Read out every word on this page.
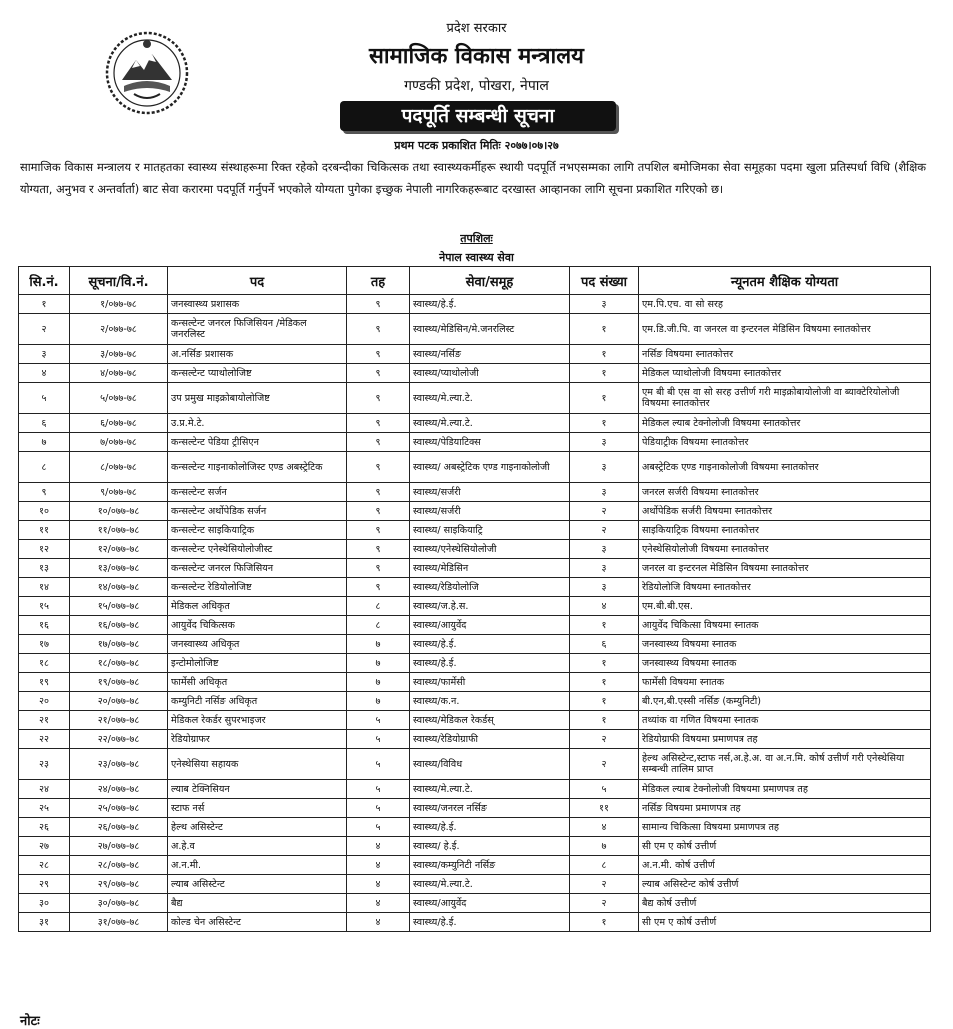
प्रदेश सरकार
सामाजिक विकास मन्त्रालय
गण्डकी प्रदेश, पोखरा, नेपाल
पदपूर्ति सम्बन्धी सूचना
प्रथम पटक प्रकाशित मितिः २०७७।०७।२७
सामाजिक विकास मन्त्रालय र मातहतका स्वास्थ्य संस्थाहरूमा रिक्त रहेको दरबन्दीका चिकित्सक तथा स्वास्थ्यकर्मीहरू स्थायी पदपूर्ति नभएसम्मका लागि तपशिल बमोजिमका सेवा समूहका पदमा खुला प्रतिस्पर्धा विधि (शैक्षिक योग्यता, अनुभव र अन्तर्वार्ता) बाट सेवा करारमा पदपूर्ति गर्नुपर्ने भएकोले योग्यता पुगेका इच्छुक नेपाली नागरिकहरूबाट दरखास्त आव्हानका लागि सूचना प्रकाशित गरिएको छ।
तपशिलः
नेपाल स्वास्थ्य सेवा
सि.नं.	सूचना/वि.नं.	पद	तह	सेवा/समूह	पद संख्या	न्यूनतम शैक्षिक योग्यता
१	१/०७७-७८	जनस्वास्थ्य प्रशासक	९	स्वास्थ्य/हे.ई.	३	एम.पि.एच. वा सो सरह
२	२/०७७-७८	कन्सल्टेन्ट जनरल फिजिसियन /मेडिकल जनरलिस्ट	९	स्वास्थ्य/मेडिसिन/मे.जनरलिस्ट	१	एम.डि.जी.पि. वा जनरल वा इन्टरनल मेडिसिन विषयमा स्नातकोत्तर
३	३/०७७-७८	अ.नर्सिङ प्रशासक	९	स्वास्थ्य/नर्सिङ	१	नर्सिङ विषयमा स्नातकोत्तर
४	४/०७७-७८	कन्सल्टेन्ट प्याथोलोजिष्ट	९	स्वास्थ्य/प्याथोलोजी	१	मेडिकल प्याथोलोजी विषयमा स्नातकोत्तर
५	५/०७७-७८	उप प्रमुख माइक्रोबायोलोजिष्ट	९	स्वास्थ्य/मे.ल्या.टे.	१	एम बी बी एस वा सो सरह उत्तीर्ण गरी माइक्रोबायोलोजी वा ब्याक्टेरियोलोजी विषयमा स्नातकोत्तर
६	६/०७७-७८	उ.प्र.मे.टे.	९	स्वास्थ्य/मे.ल्या.टे.	१	मेडिकल ल्याब टेक्नोलोजी विषयमा स्नातकोत्तर
७	७/०७७-७८	कन्सल्टेन्ट पेडिया ट्रीसिएन	९	स्वास्थ्य/पेडियाटिक्स	३	पेडियाट्रीक विषयमा स्नातकोत्तर
८	८/०७७-७८	कन्सल्टेन्ट गाइनाकोलोजिस्ट एण्ड अबस्ट्रेटिक	९	स्वास्थ्य/ अबस्ट्रेटिक एण्ड गाइनाकोलोजी	३	अबस्ट्रेटिक एण्ड गाइनाकोलोजी विषयमा स्नातकोत्तर
९	९/०७७-७८	कन्सल्टेन्ट सर्जन	९	स्वास्थ्य/सर्जरी	३	जनरल सर्जरी विषयमा स्नातकोत्तर
१०	१०/०७७-७८	कन्सल्टेन्ट अर्थोपेडिक सर्जन	९	स्वास्थ्य/सर्जरी	२	अर्थोपेडिक सर्जरी विषयमा स्नातकोत्तर
११	११/०७७-७८	कन्सल्टेन्ट साइकियाट्रिक	९	स्वास्थ्य/ साइकियाट्रि	२	साइकियाट्रिक विषयमा स्नातकोत्तर
१२	१२/०७७-७८	कन्सल्टेन्ट एनेस्थेसियोलोजीस्ट	९	स्वास्थ्य/एनेस्थेसियोलोजी	३	एनेस्थेसियोलोजी विषयमा स्नातकोत्तर
१३	१३/०७७-७८	कन्सल्टेन्ट जनरल फिजिसियन	९	स्वास्थ्य/मेडिसिन	३	जनरल वा इन्टरनल मेडिसिन विषयमा स्नातकोत्तर
१४	१४/०७७-७८	कन्सल्टेन्ट रेडियोलोजिष्ट	९	स्वास्थ्य/रेडियोलोजि	३	रेडियोलोजि विषयमा स्नातकोत्तर
१५	१५/०७७-७८	मेडिकल अधिकृत	८	स्वास्थ्य/ज.हे.स.	४	एम.बी.बी.एस.
१६	१६/०७७-७८	आयुर्वेद चिकित्सक	८	स्वास्थ्य/आयुर्वेद	१	आयुर्वेद चिकित्सा विषयमा स्नातक
१७	१७/०७७-७८	जनस्वास्थ्य अधिकृत	७	स्वास्थ्य/हे.ई.	६	जनस्वास्थ्य विषयमा स्नातक
१८	१८/०७७-७८	इन्टोमोलोजिष्ट	७	स्वास्थ्य/हे.ई.	१	जनस्वास्थ्य विषयमा स्नातक
१९	१९/०७७-७८	फार्मेसी अधिकृत	७	स्वास्थ्य/फार्मेसी	१	फार्मेसी विषयमा स्नातक
२०	२०/०७७-७८	कम्युनिटी नर्सिङ अधिकृत	७	स्वास्थ्य/क.न.	१	बी.एन,बी.एस्सी नर्सिङ (कम्युनिटी)
२१	२१/०७७-७८	मेडिकल रेकर्डर सुपरभाइजर	५	स्वास्थ्य/मेडिकल रेकर्डस्	१	तथ्यांक वा गणित विषयमा स्नातक
२२	२२/०७७-७८	रेडियोग्राफर	५	स्वास्थ्य/रेडियोग्राफी	२	रेडियोग्राफी विषयमा प्रमाणपत्र तह
२३	२३/०७७-७८	एनेस्थेसिया सहायक	५	स्वास्थ्य/विविध	२	हेल्थ असिस्टेन्ट,स्टाफ नर्स,अ.हे.अ. वा अ.न.मि. कोर्ष उत्तीर्ण गरी एनेस्थेसिया सम्बन्धी तालिम प्राप्त
२४	२४/०७७-७८	ल्याब टेक्निसियन	५	स्वास्थ्य/मे.ल्या.टे.	५	मेडिकल ल्याब टेक्नोलोजी विषयमा प्रमाणपत्र तह
२५	२५/०७७-७८	स्टाफ नर्स	५	स्वास्थ्य/जनरल नर्सिङ	११	नर्सिङ विषयमा प्रमाणपत्र तह
२६	२६/०७७-७८	हेल्थ असिस्टेन्ट	५	स्वास्थ्य/हे.ई.	४	सामान्य चिकित्सा विषयमा प्रमाणपत्र तह
२७	२७/०७७-७८	अ.हे.व	४	स्वास्थ्य/ हे.ई.	७	सी एम ए कोर्ष उत्तीर्ण
२८	२८/०७७-७८	अ.न.मी.	४	स्वास्थ्य/कम्युनिटी नर्सिङ	८	अ.न.मी. कोर्ष उत्तीर्ण
२९	२९/०७७-७८	ल्याब असिस्टेन्ट	४	स्वास्थ्य/मे.ल्या.टे.	२	ल्याब असिस्टेन्ट कोर्ष उत्तीर्ण
३०	३०/०७७-७८	बैद्य	४	स्वास्थ्य/आयुर्वेद	२	बैद्य कोर्ष उत्तीर्ण
३१	३१/०७७-७८	कोल्ड चेन असिस्टेन्ट	४	स्वास्थ्य/हे.ई.	१	सी एम ए कोर्ष उत्तीर्ण
नोटः
